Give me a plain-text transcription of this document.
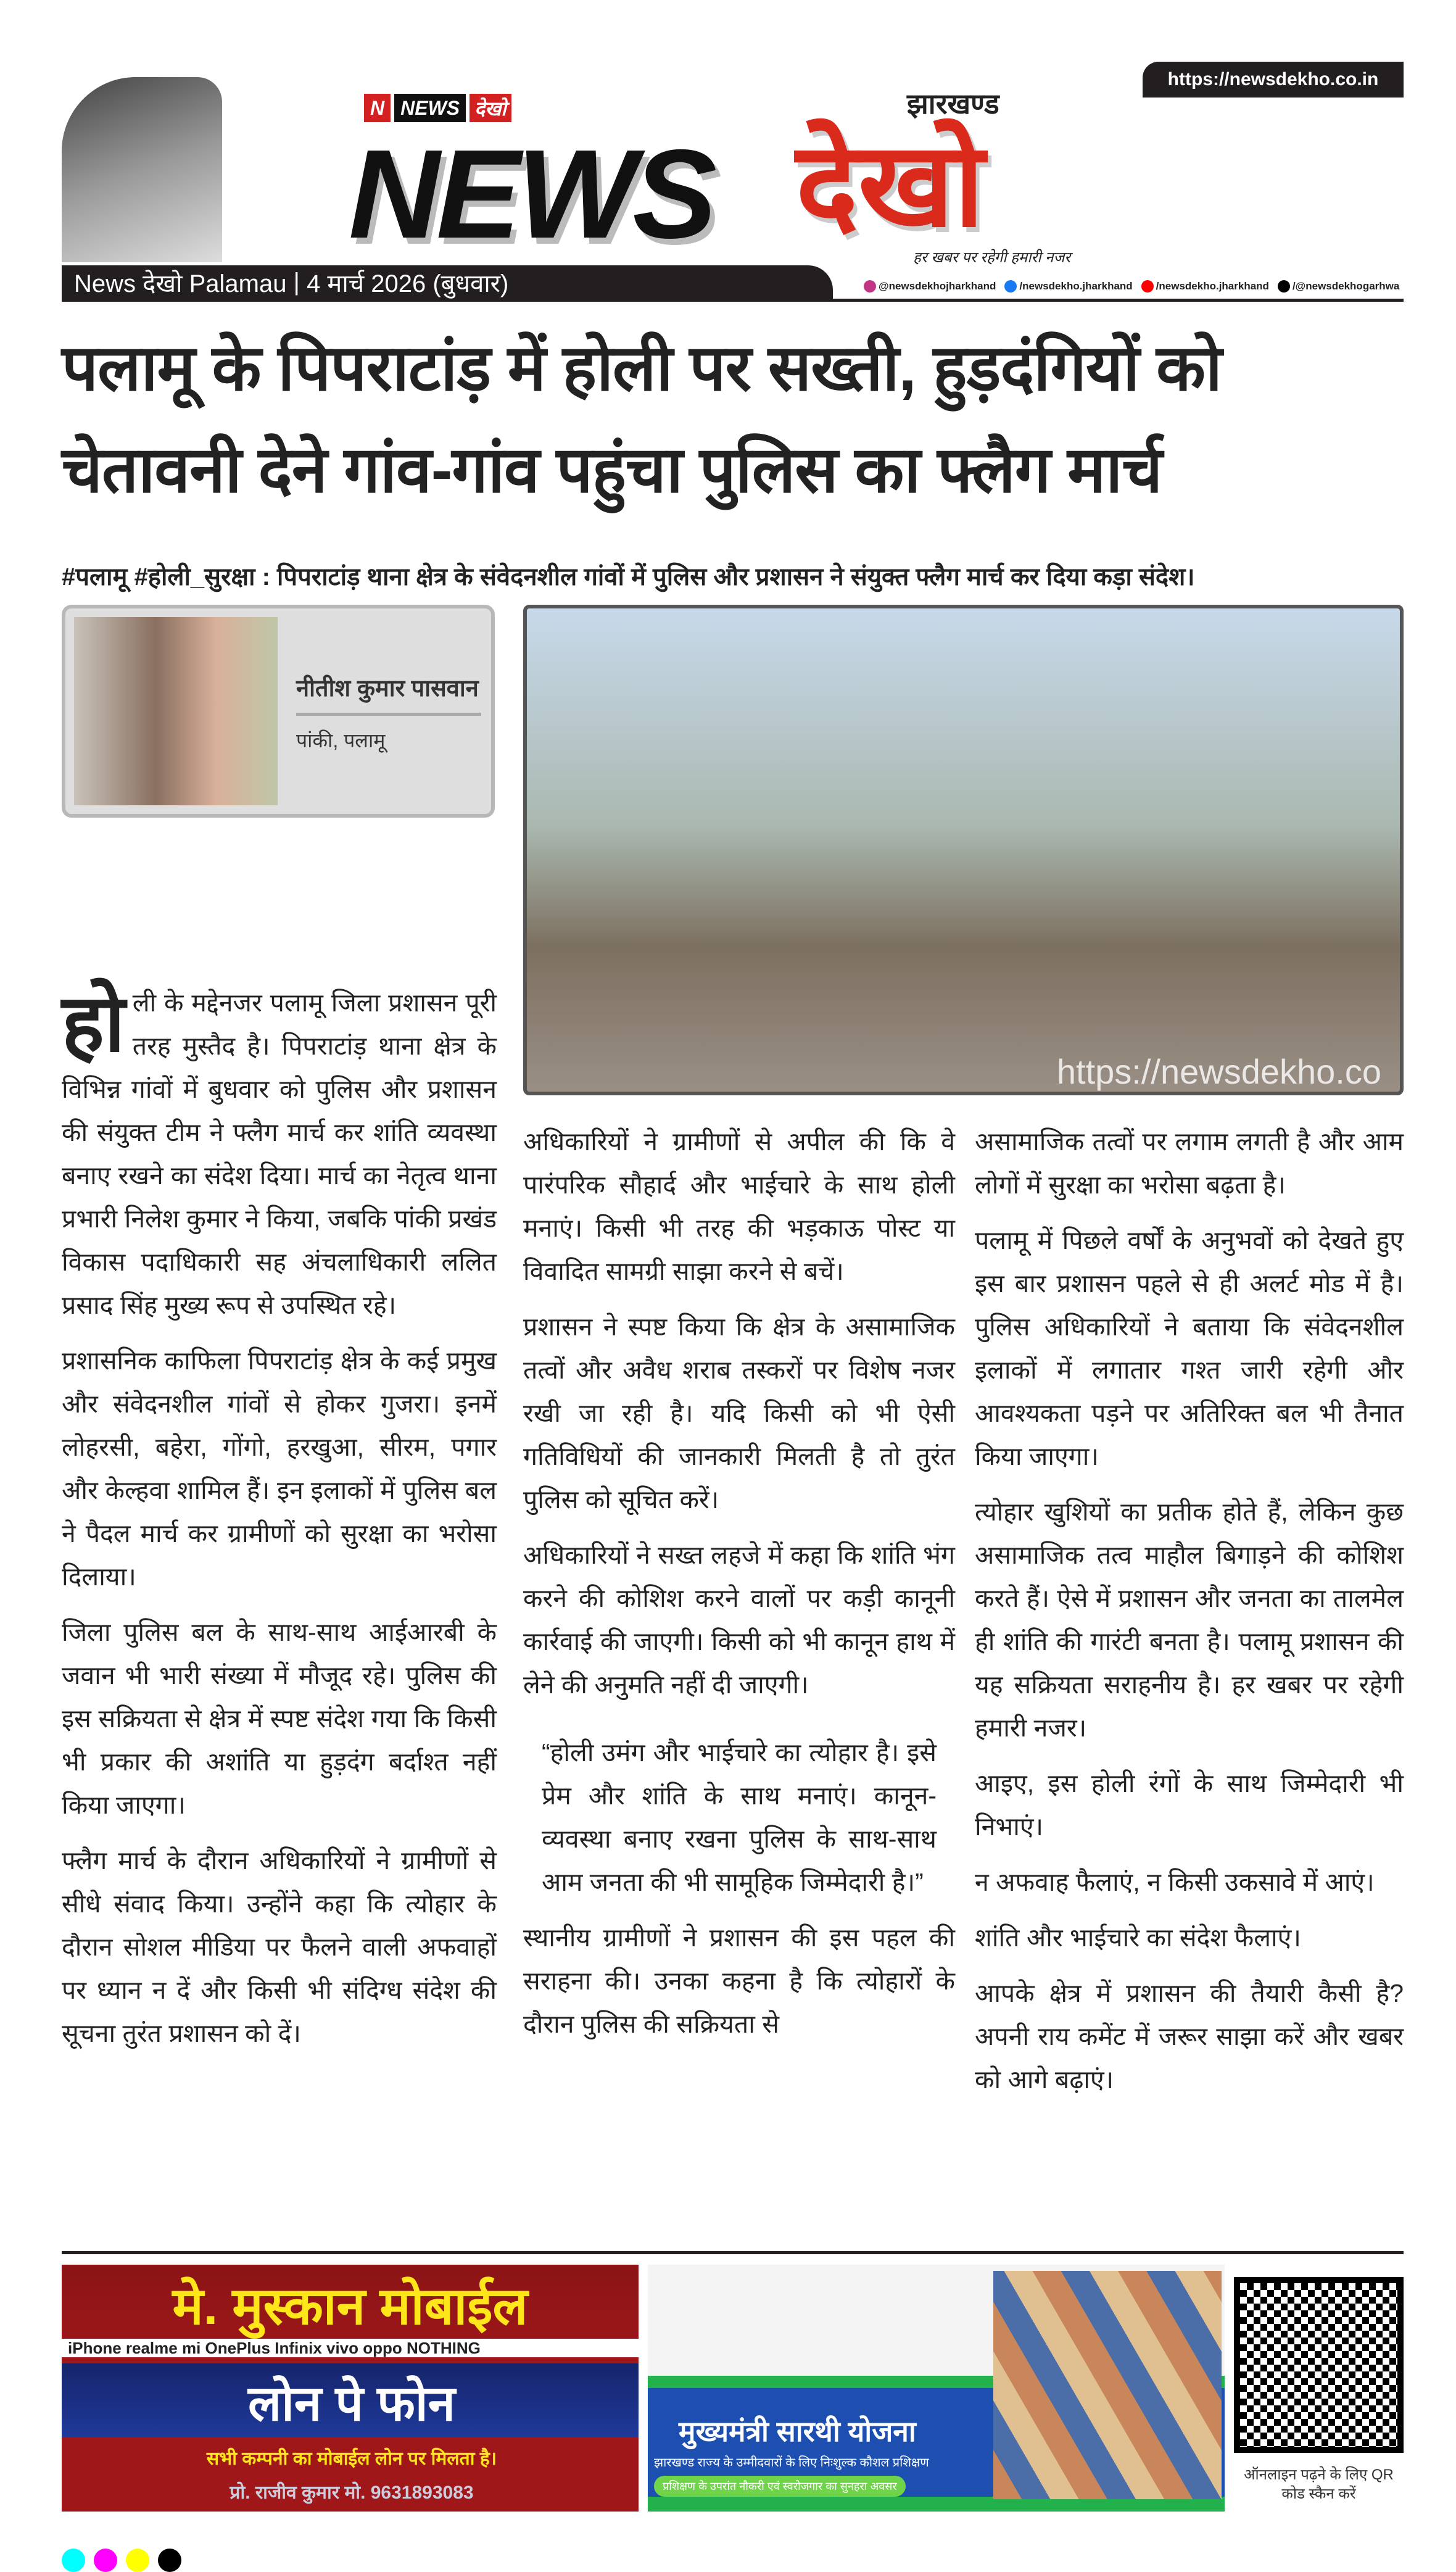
https://newsdekho.co.in
N NEWS देखो
NEWS देखो
झारखण्ड
हर खबर पर रहेगी हमारी नजर
News देखो Palamau | 4 मार्च 2026 (बुधवार)	@newsdekhojharkhand /newsdekho.jharkhand /newsdekho.jharkhand /@newsdekhogarhwa
पलामू के पिपराटांड़ में होली पर सख्ती, हुड़दंगियों को
चेतावनी देने गांव-गांव पहुंचा पुलिस का फ्लैग मार्च
#पलामू #होली_सुरक्षा : पिपराटांड़ थाना क्षेत्र के संवेदनशील गांवों में पुलिस और प्रशासन ने संयुक्त फ्लैग मार्च कर दिया कड़ा संदेश।
नीतीश कुमार पासवान
पांकी, पलामू
https://newsdekho.co

होली के मद्देनजर पलामू जिला प्रशासन पूरी तरह मुस्तैद है। पिपराटांड़ थाना क्षेत्र के विभिन्न गांवों में बुधवार को पुलिस और प्रशासन की संयुक्त टीम ने फ्लैग मार्च कर शांति व्यवस्था बनाए रखने का संदेश दिया। मार्च का नेतृत्व थाना प्रभारी निलेश कुमार ने किया, जबकि पांकी प्रखंड विकास पदाधिकारी सह अंचलाधिकारी ललित प्रसाद सिंह मुख्य रूप से उपस्थित रहे।

प्रशासनिक काफिला पिपराटांड़ क्षेत्र के कई प्रमुख और संवेदनशील गांवों से होकर गुजरा। इनमें लोहरसी, बहेरा, गोंगो, हरखुआ, सीरम, पगार और केल्हवा शामिल हैं। इन इलाकों में पुलिस बल ने पैदल मार्च कर ग्रामीणों को सुरक्षा का भरोसा दिलाया।

जिला पुलिस बल के साथ-साथ आईआरबी के जवान भी भारी संख्या में मौजूद रहे। पुलिस की इस सक्रियता से क्षेत्र में स्पष्ट संदेश गया कि किसी भी प्रकार की अशांति या हुड़दंग बर्दाश्त नहीं किया जाएगा।

फ्लैग मार्च के दौरान अधिकारियों ने ग्रामीणों से सीधे संवाद किया। उन्होंने कहा कि त्योहार के दौरान सोशल मीडिया पर फैलने वाली अफवाहों पर ध्यान न दें और किसी भी संदिग्ध संदेश की सूचना तुरंत प्रशासन को दें।

अधिकारियों ने ग्रामीणों से अपील की कि वे पारंपरिक सौहार्द और भाईचारे के साथ होली मनाएं। किसी भी तरह की भड़काऊ पोस्ट या विवादित सामग्री साझा करने से बचें।

प्रशासन ने स्पष्ट किया कि क्षेत्र के असामाजिक तत्वों और अवैध शराब तस्करों पर विशेष नजर रखी जा रही है। यदि किसी को भी ऐसी गतिविधियों की जानकारी मिलती है तो तुरंत पुलिस को सूचित करें।

अधिकारियों ने सख्त लहजे में कहा कि शांति भंग करने की कोशिश करने वालों पर कड़ी कानूनी कार्रवाई की जाएगी। किसी को भी कानून हाथ में लेने की अनुमति नहीं दी जाएगी।

“होली उमंग और भाईचारे का त्योहार है। इसे प्रेम और शांति के साथ मनाएं। कानून-व्यवस्था बनाए रखना पुलिस के साथ-साथ आम जनता की भी सामूहिक जिम्मेदारी है।”

स्थानीय ग्रामीणों ने प्रशासन की इस पहल की सराहना की। उनका कहना है कि त्योहारों के दौरान पुलिस की सक्रियता से

असामाजिक तत्वों पर लगाम लगती है और आम लोगों में सुरक्षा का भरोसा बढ़ता है।

पलामू में पिछले वर्षों के अनुभवों को देखते हुए इस बार प्रशासन पहले से ही अलर्ट मोड में है। पुलिस अधिकारियों ने बताया कि संवेदनशील इलाकों में लगातार गश्त जारी रहेगी और आवश्यकता पड़ने पर अतिरिक्त बल भी तैनात किया जाएगा।

त्योहार खुशियों का प्रतीक होते हैं, लेकिन कुछ असामाजिक तत्व माहौल बिगाड़ने की कोशिश करते हैं। ऐसे में प्रशासन और जनता का तालमेल ही शांति की गारंटी बनता है। पलामू प्रशासन की यह सक्रियता सराहनीय है। हर खबर पर रहेगी हमारी नजर।

आइए, इस होली रंगों के साथ जिम्मेदारी भी निभाएं।

न अफवाह फैलाएं, न किसी उकसावे में आएं।

शांति और भाईचारे का संदेश फैलाएं।

आपके क्षेत्र में प्रशासन की तैयारी कैसी है? अपनी राय कमेंट में जरूर साझा करें और खबर को आगे बढ़ाएं।

मे. मुस्कान मोबाईल
iPhone realme mi OnePlus Infinix vivo oppo NOTHING
लोन पे फोन
सभी कम्पनी का मोबाईल लोन पर मिलता है।
प्रो. राजीव कुमार मो. 9631893083
मुख्यमंत्री सारथी योजना
झारखण्ड राज्य के उम्मीदवारों के लिए निःशुल्क कौशल प्रशिक्षण
प्रशिक्षण के उपरांत नौकरी एवं स्वरोजगार का सुनहरा अवसर
ऑनलाइन पढ़ने के लिए QR कोड स्कैन करें
